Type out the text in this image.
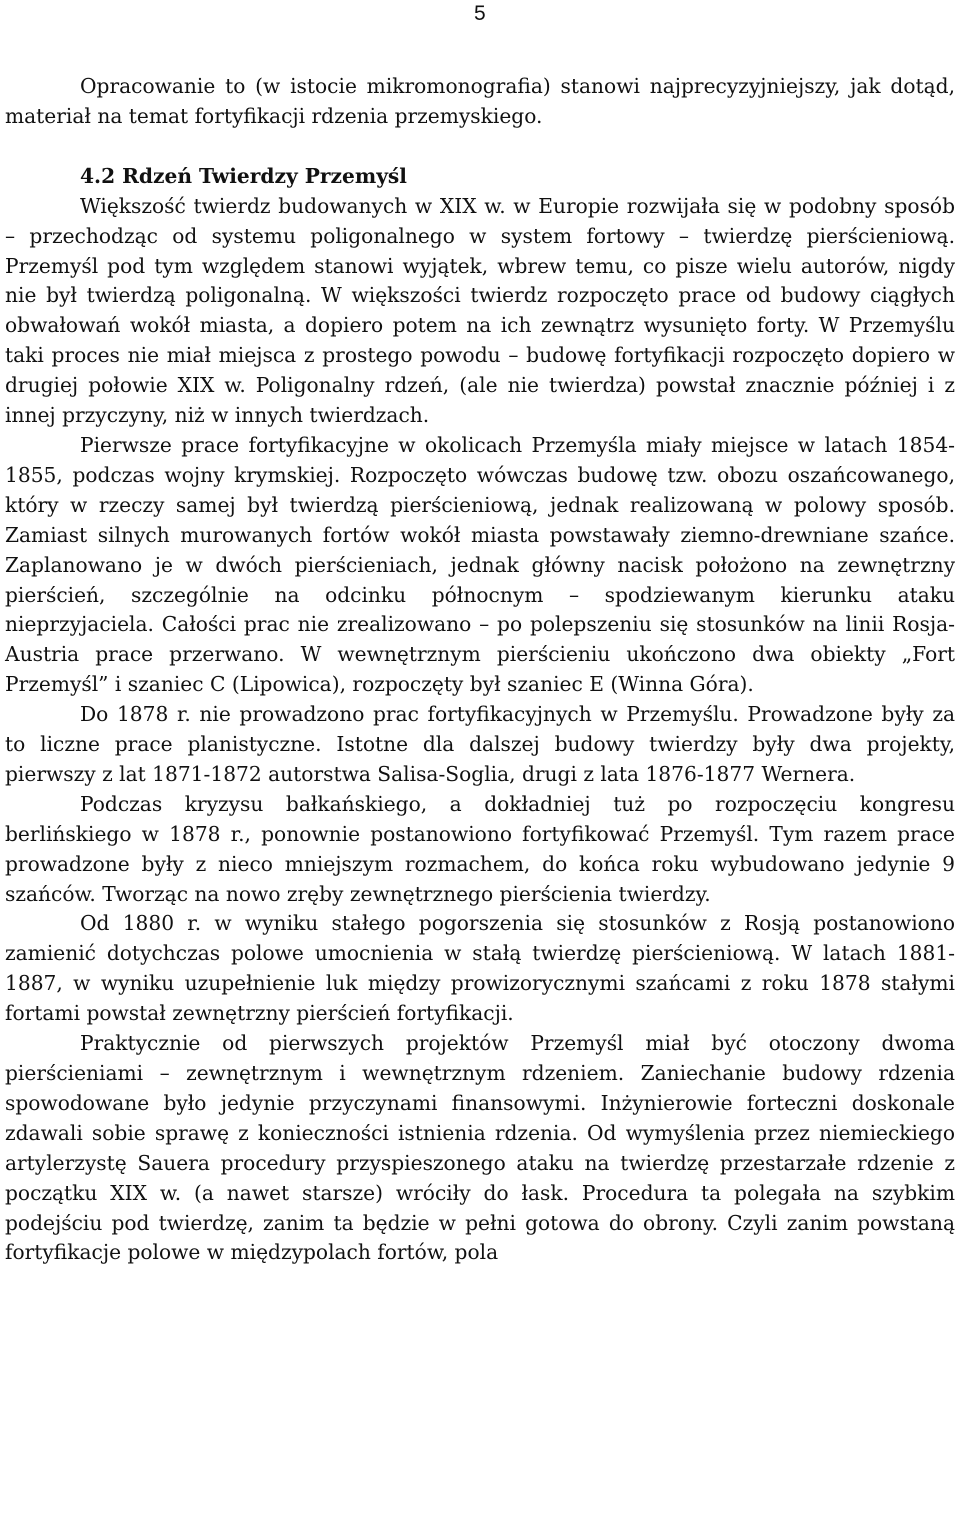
5

Opracowanie to (w istocie mikromonografia) stanowi najprecyzyjniejszy, jak dotąd, materiał na temat fortyfikacji rdzenia przemyskiego.

4.2 Rdzeń Twierdzy Przemyśl

Większość twierdz budowanych w XIX w. w Europie rozwijała się w podobny sposób – przechodząc od systemu poligonalnego w system fortowy – twierdzę pierścieniową. Przemyśl pod tym względem stanowi wyjątek, wbrew temu, co pisze wielu autorów, nigdy nie był twierdzą poligonalną. W większości twierdz rozpoczęto prace od budowy ciągłych obwałowań wokół miasta, a dopiero potem na ich zewnątrz wysunięto forty. W Przemyślu taki proces nie miał miejsca z prostego powodu – budowę fortyfikacji rozpoczęto dopiero w drugiej połowie XIX w. Poligonalny rdzeń, (ale nie twierdza) powstał znacznie później i z innej przyczyny, niż w innych twierdzach.

Pierwsze prace fortyfikacyjne w okolicach Przemyśla miały miejsce w latach 1854-1855, podczas wojny krymskiej. Rozpoczęto wówczas budowę tzw. obozu oszańcowanego, który w rzeczy samej był twierdzą pierścieniową, jednak realizowaną w polowy sposób. Zamiast silnych murowanych fortów wokół miasta powstawały ziemno-drewniane szańce. Zaplanowano je w dwóch pierścieniach, jednak główny nacisk położono na zewnętrzny pierścień, szczególnie na odcinku północnym – spodziewanym kierunku ataku nieprzyjaciela. Całości prac nie zrealizowano – po polepszeniu się stosunków na linii Rosja-Austria prace przerwano. W wewnętrznym pierścieniu ukończono dwa obiekty „Fort Przemyśl” i szaniec C (Lipowica), rozpoczęty był szaniec E (Winna Góra).

Do 1878 r. nie prowadzono prac fortyfikacyjnych w Przemyślu. Prowadzone były za to liczne prace planistyczne. Istotne dla dalszej budowy twierdzy były dwa projekty, pierwszy z lat 1871-1872 autorstwa Salisa-Soglia, drugi z lata 1876-1877 Wernera.

Podczas kryzysu bałkańskiego, a dokładniej tuż po rozpoczęciu kongresu berlińskiego w 1878 r., ponownie postanowiono fortyfikować Przemyśl. Tym razem prace prowadzone były z nieco mniejszym rozmachem, do końca roku wybudowano jedynie 9 szańców. Tworząc na nowo zręby zewnętrznego pierścienia twierdzy.

Od 1880 r. w wyniku stałego pogorszenia się stosunków z Rosją postanowiono zamienić dotychczas polowe umocnienia w stałą twierdzę pierścieniową. W latach 1881-1887, w wyniku uzupełnienie luk między prowizorycznymi szańcami z roku 1878 stałymi fortami powstał zewnętrzny pierścień fortyfikacji.

Praktycznie od pierwszych projektów Przemyśl miał być otoczony dwoma pierścieniami – zewnętrznym i wewnętrznym rdzeniem. Zaniechanie budowy rdzenia spowodowane było jedynie przyczynami finansowymi. Inżynierowie forteczni doskonale zdawali sobie sprawę z konieczności istnienia rdzenia. Od wymyślenia przez niemieckiego artylerzystę Sauera procedury przyspieszonego ataku na twierdzę przestarzałe rdzenie z początku XIX w. (a nawet starsze) wróciły do łask. Procedura ta polegała na szybkim podejściu pod twierdzę, zanim ta będzie w pełni gotowa do obrony. Czyli zanim powstaną fortyfikacje polowe w międzypolach fortów, pola
